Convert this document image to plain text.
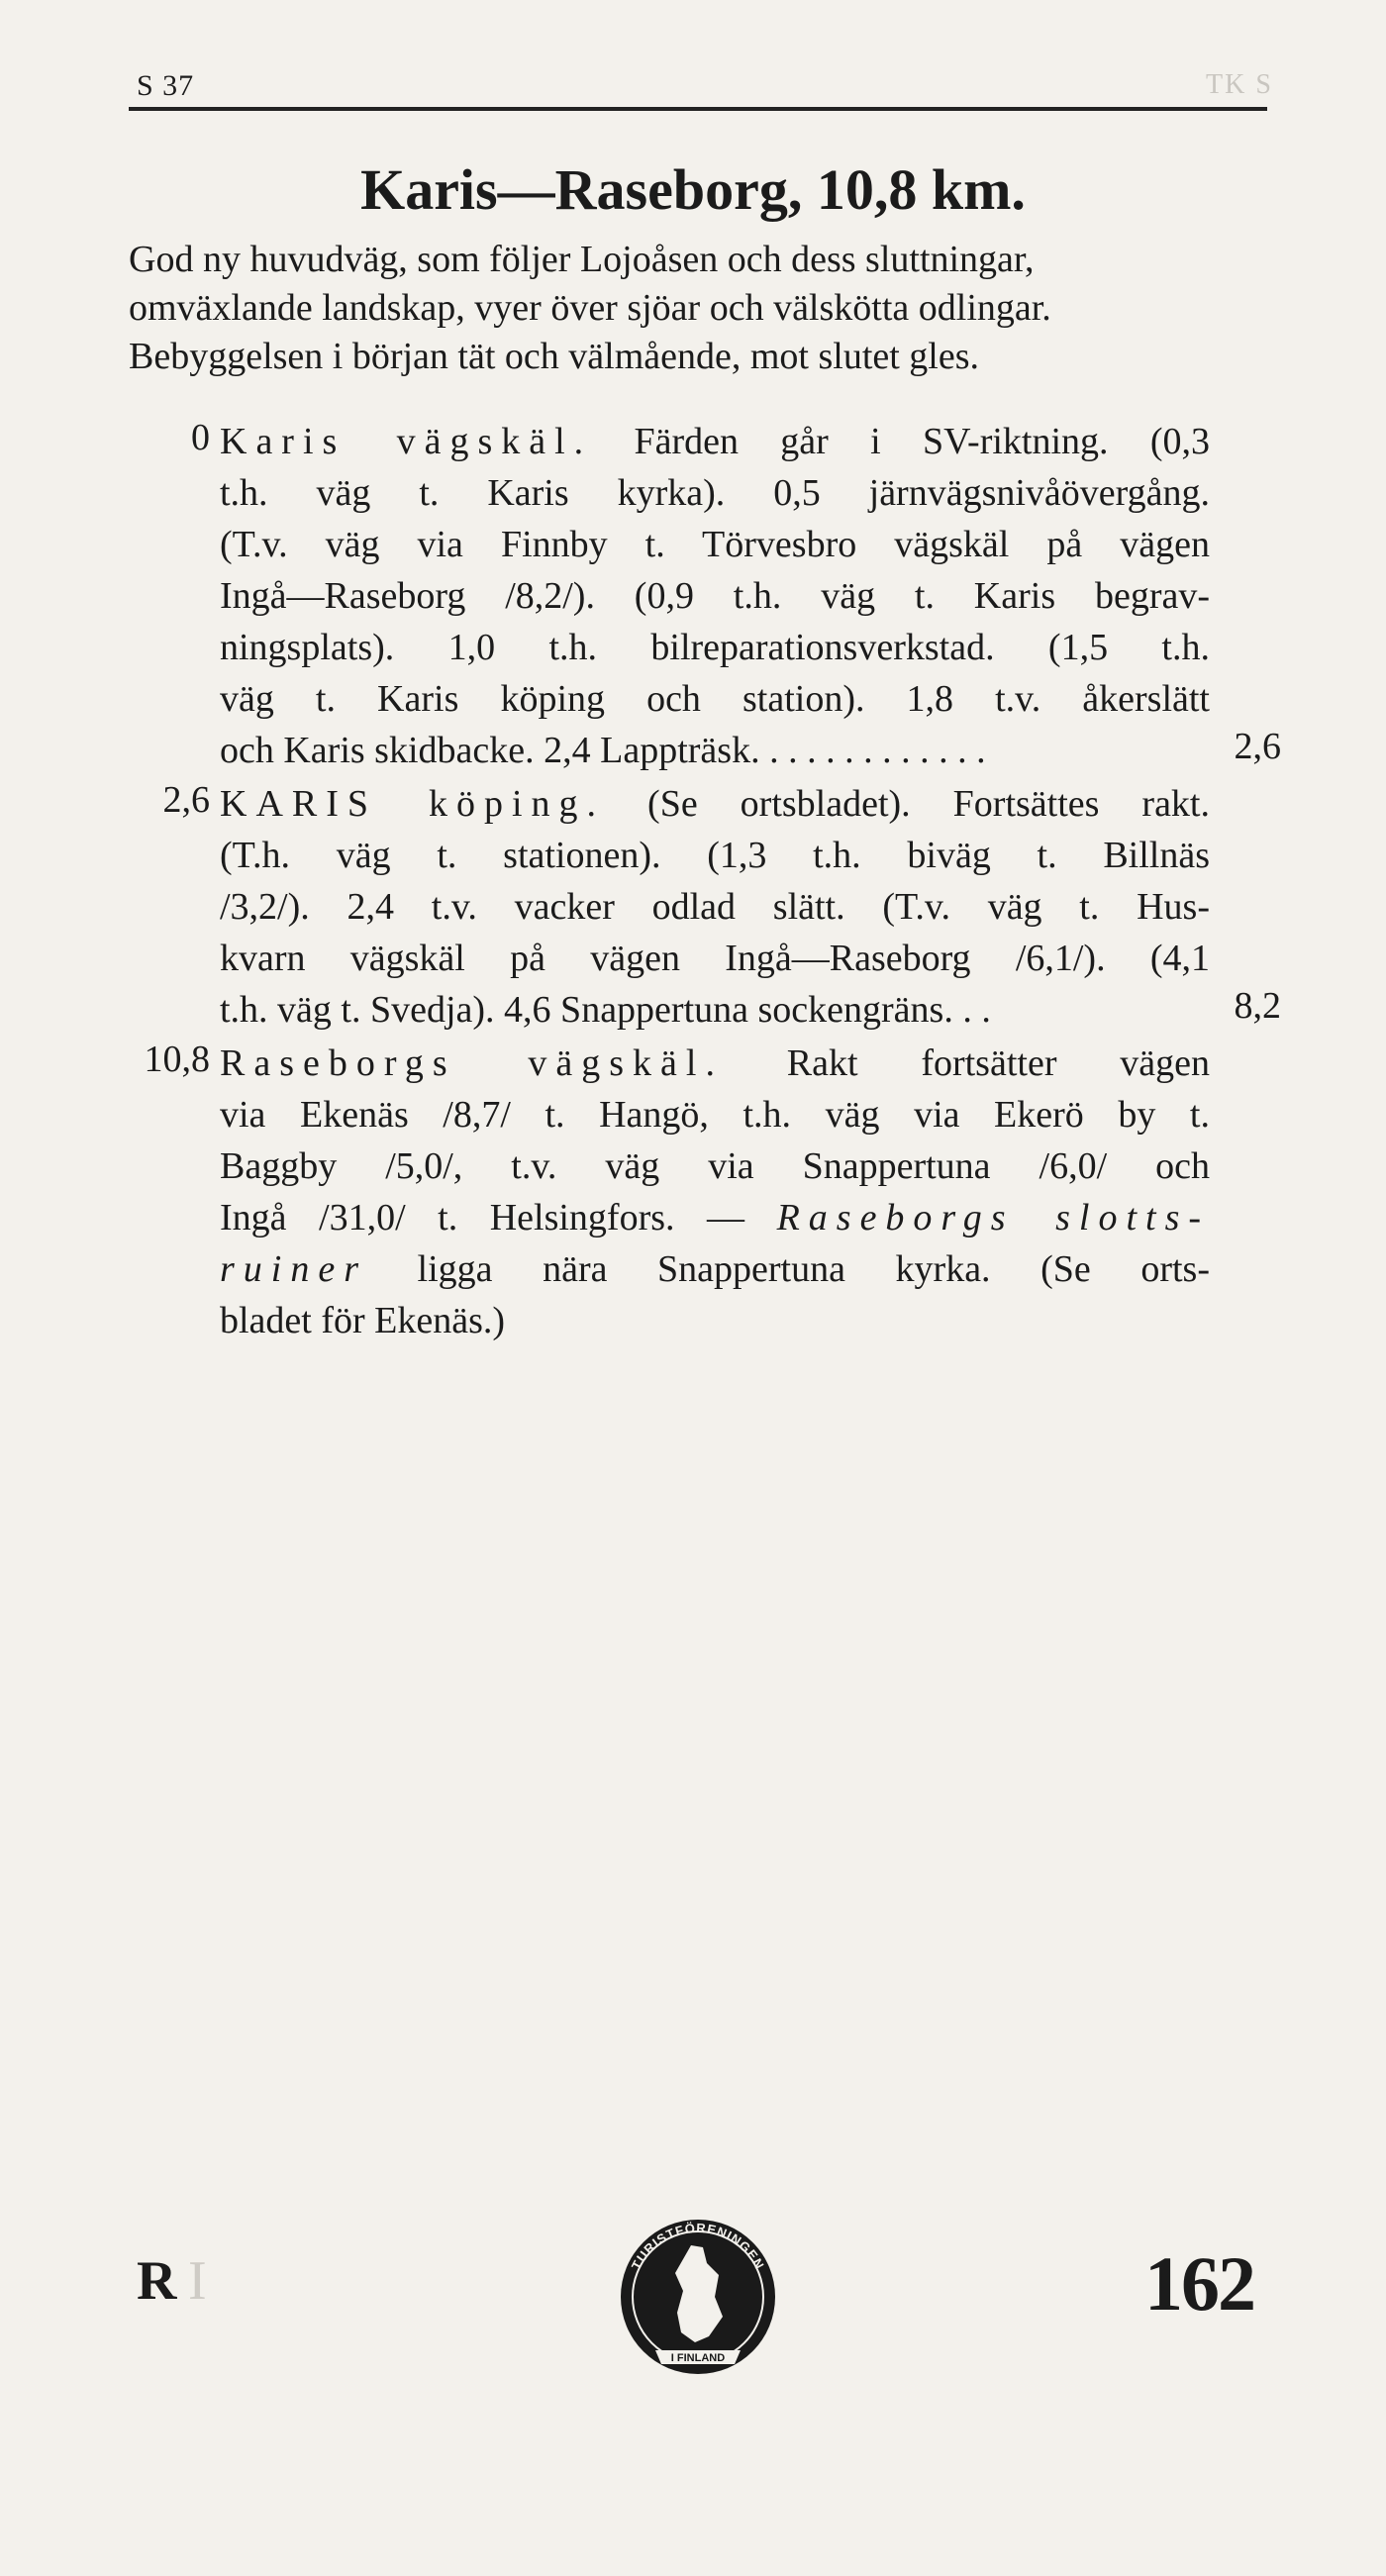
S 37	TK S
Karis—Raseborg, 10,8 km.
God ny huvudväg, som följer Lojoåsen och dess sluttningar,
omväxlande landskap, vyer över sjöar och välskötta odlingar.
Bebyggelsen i början tät och välmående, mot slutet gles.
0 Karis vägskäl. Färden går i SV-riktning. (0,3
t.h. väg t. Karis kyrka). 0,5 järnvägsnivåövergång.
(T.v. väg via Finnby t. Törvesbro vägskäl på vägen
Ingå—Raseborg /8,2/). (0,9 t.h. väg t. Karis begrav-
ningsplats). 1,0 t.h. bilreparationsverkstad. (1,5 t.h.
väg t. Karis köping och station). 1,8 t.v. åkerslätt
och Karis skidbacke. 2,4 Lappträsk. . . . . . . . . . . . .	2,6
2,6 KARIS köping. (Se ortsbladet). Fortsättes rakt.
(T.h. väg t. stationen). (1,3 t.h. biväg t. Billnäs
/3,2/). 2,4 t.v. vacker odlad slätt. (T.v. väg t. Hus-
kvarn vägskäl på vägen Ingå—Raseborg /6,1/). (4,1
t.h. väg t. Svedja). 4,6 Snappertuna sockengräns. . .	8,2
10,8 Raseborgs vägskäl. Rakt fortsätter vägen
via Ekenäs /8,7/ t. Hangö, t.h. väg via Ekerö by t.
Baggby /5,0/, t.v. väg via Snappertuna /6,0/ och
Ingå /31,0/ t. Helsingfors. — Raseborgs slotts-
ruiner ligga nära Snappertuna kyrka. (Se orts-
bladet för Ekenäs.)
R I	TURISTFÖRENINGEN
I FINLAND
162
